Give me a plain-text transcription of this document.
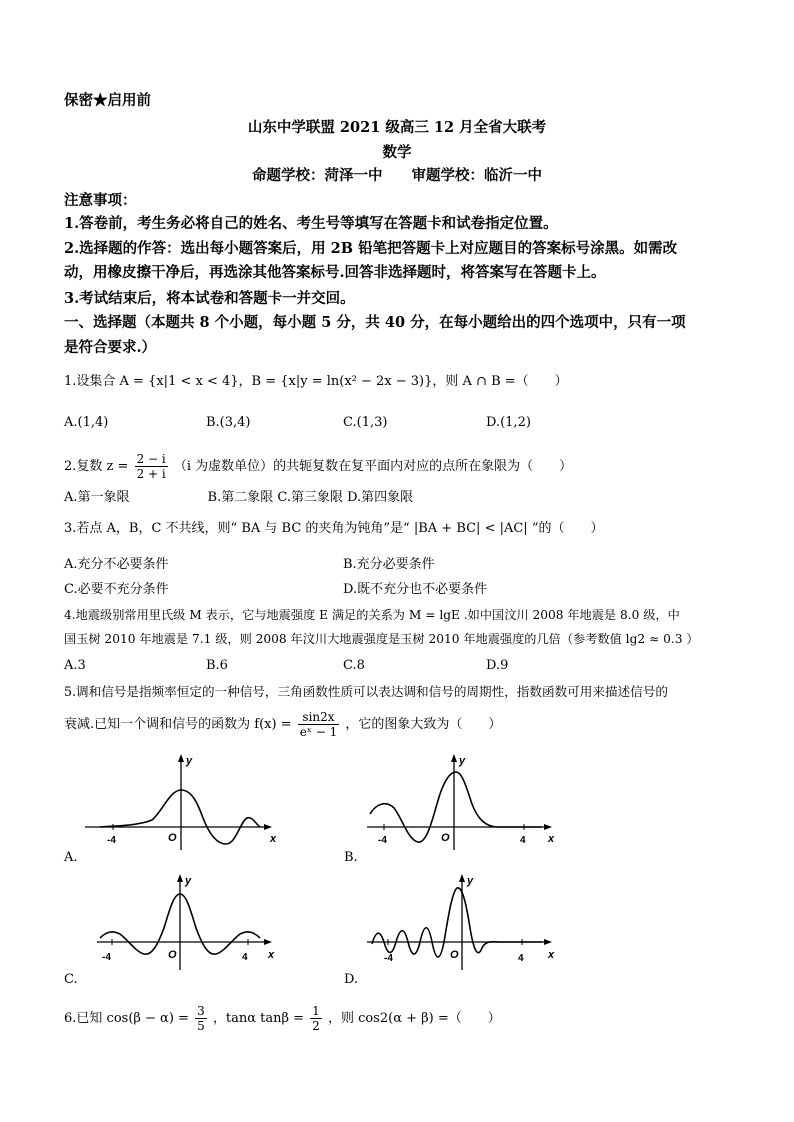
保密★启用前
山东中学联盟 2021 级高三 12 月全省大联考
数学
命题学校：菏泽一中　　审题学校：临沂一中
注意事项：
1.答卷前，考生务必将自己的姓名、考生号等填写在答题卡和试卷指定位置。
2.选择题的作答：选出每小题答案后，用 2B 铅笔把答题卡上对应题目的答案标号涂黑。如需改
动，用橡皮擦干净后，再选涂其他答案标号.回答非选择题时，将答案写在答题卡上。
3.考试结束后，将本试卷和答题卡一并交回。
一、选择题（本题共 8 个小题，每小题 5 分，共 40 分，在每小题给出的四个选项中，只有一项
是符合要求.）
1.设集合 A = {x|1 < x < 4}，B = {x|y = ln(x² − 2x − 3)}，则 A ∩ B =（　　）
A.(1,4)	B.(3,4)	C.(1,3)	D.(1,2)
2.复数 $z = \frac{2 - i}{2 + i} (i$ 为虚数单位）的共轭复数在复平面内对应的点所在象限为（　　）
A.第一象限　　　　　　B.第二象限 C.第三象限 D.第四象限
3.若点 A，B，C 不共线，则“ BA 与 BC 的夹角为钝角”是“ |BA + BC| < |AC| ”的（　　）
A.充分不必要条件	B.充分必要条件
C.必要不充分条件	D.既不充分也不必要条件
4.地震级别常用里氏级 M 表示，它与地震强度 E 满足的关系为 M = lgE .如中国汶川 2008 年地震是 8.0 级，中
国玉树 2010 年地震是 7.1 级，则 2008 年汶川大地震强度是玉树 2010 年地震强度的几倍（参考数值 lg2 ≈ 0.3 ）
A.3	B.6	C.8	D.9
5.调和信号是指频率恒定的一种信号，三角函数性质可以表达调和信号的周期性，指数函数可用来描述信号的
衰减.已知一个调和信号的函数为 $f(x) = \frac{\sin 2x}{\text{eˣ − 1}}$ ，它的图象大致为（　　）
-4	O
y
x
A.
-4	4
O
y
x
B.
-4	4
O
y
x
C.
-4	4
O
y
x
D.
6.已知 $\cos(\beta - \alpha) = \frac{3}{5}$ ，tanα $\tan\beta = \frac{1}{2}$ ，则 cos2(α + β) =（　　）
